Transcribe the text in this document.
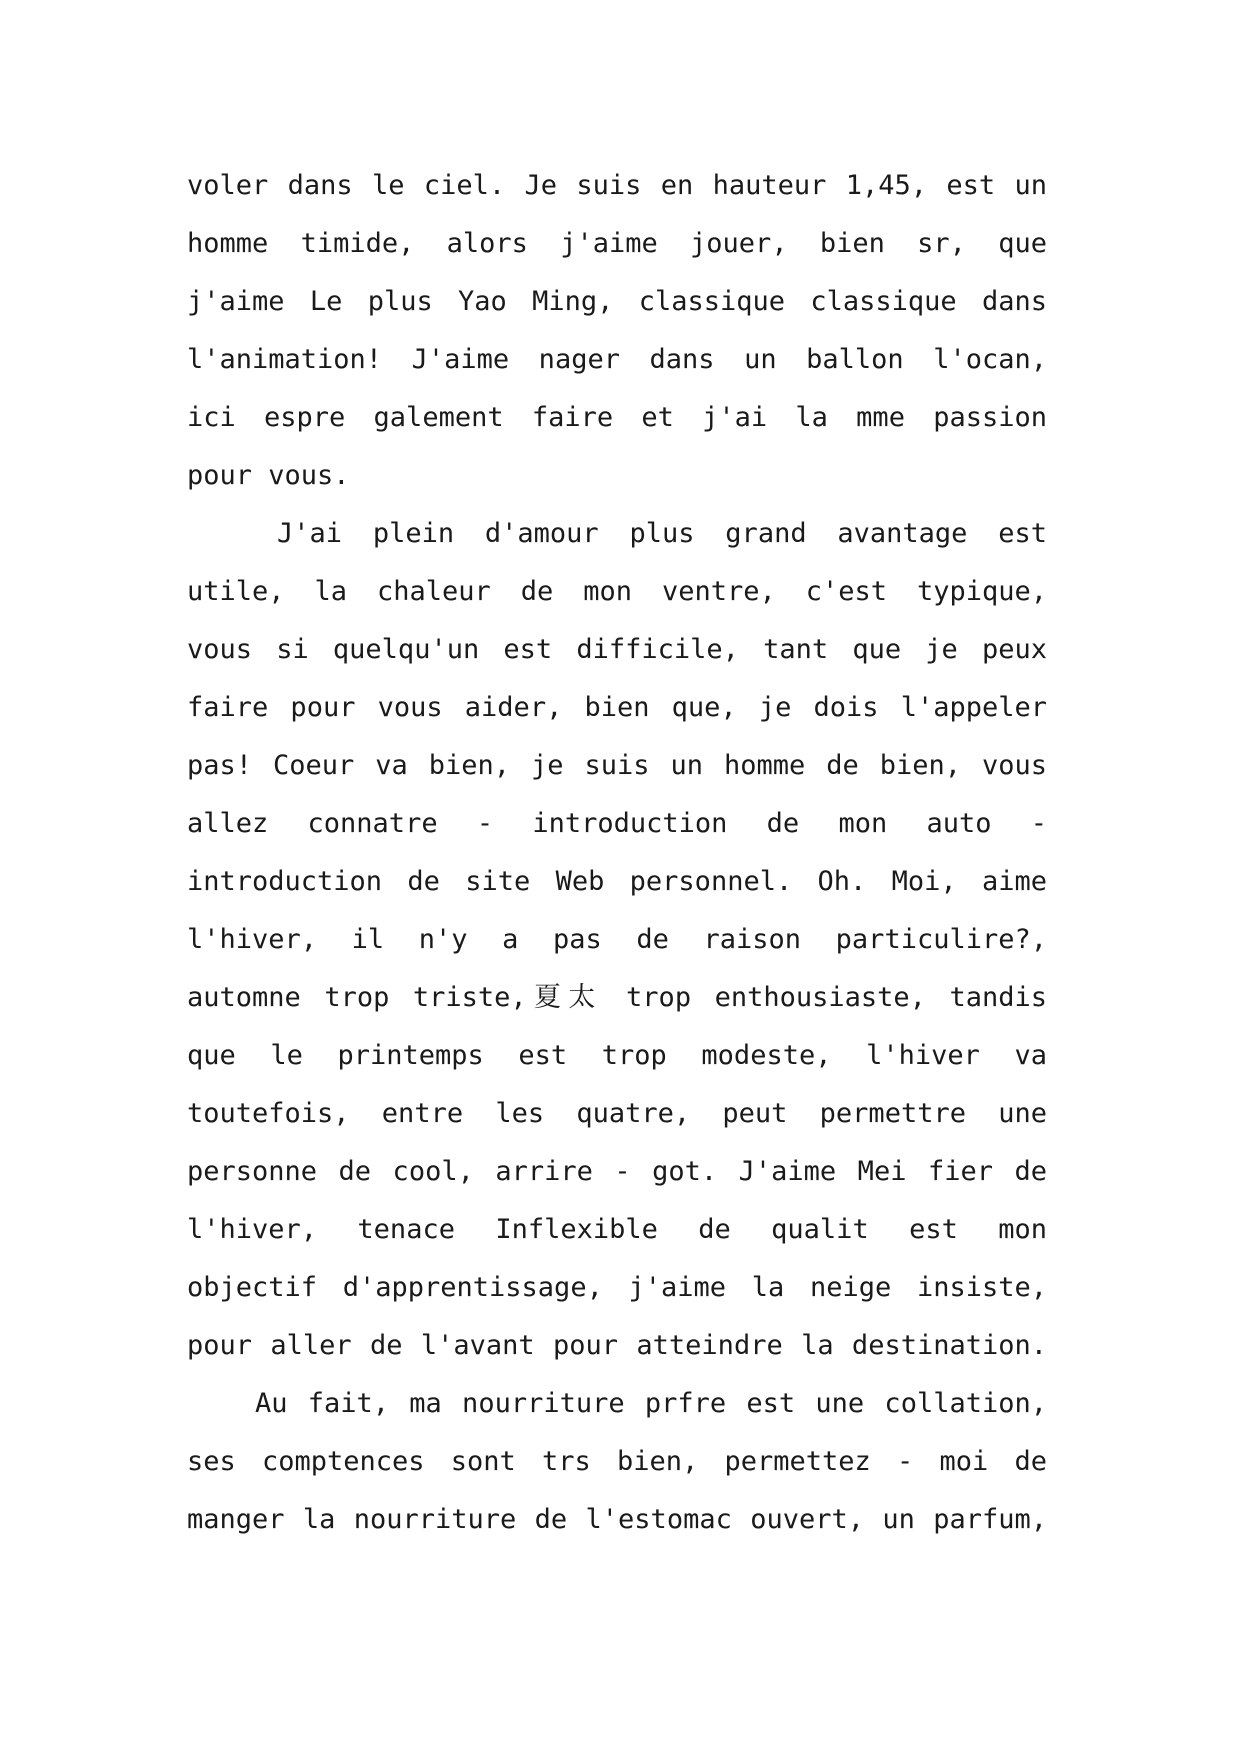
voler dans le ciel. Je suis en hauteur 1,45, est un
homme timide, alors j'aime jouer, bien sr, que
j'aime Le plus Yao Ming, classique classique dans
l'animation! J'aime nager dans un ballon l'ocan,
ici espre galement faire et j'ai la mme passion
pour vous.

J'ai plein d'amour plus grand avantage est
utile, la chaleur de mon ventre, c'est typique,
vous si quelqu'un est difficile, tant que je peux
faire pour vous aider, bien que, je dois l'appeler
pas! Coeur va bien, je suis un homme de bien, vous
allez connatre - introduction de mon auto -
introduction de site Web personnel. Oh. Moi, aime
l'hiver, il n'y a pas de raison particulire?,
automne trop triste,夏太 trop enthousiaste, tandis
que le printemps est trop modeste, l'hiver va
toutefois, entre les quatre, peut permettre une
personne de cool, arrire - got. J'aime Mei fier de
l'hiver, tenace Inflexible de qualit est mon
objectif d'apprentissage, j'aime la neige insiste,
pour aller de l'avant pour atteindre la destination.

Au fait, ma nourriture prfre est une collation,
ses comptences sont trs bien, permettez - moi de
manger la nourriture de l'estomac ouvert, un parfum,
